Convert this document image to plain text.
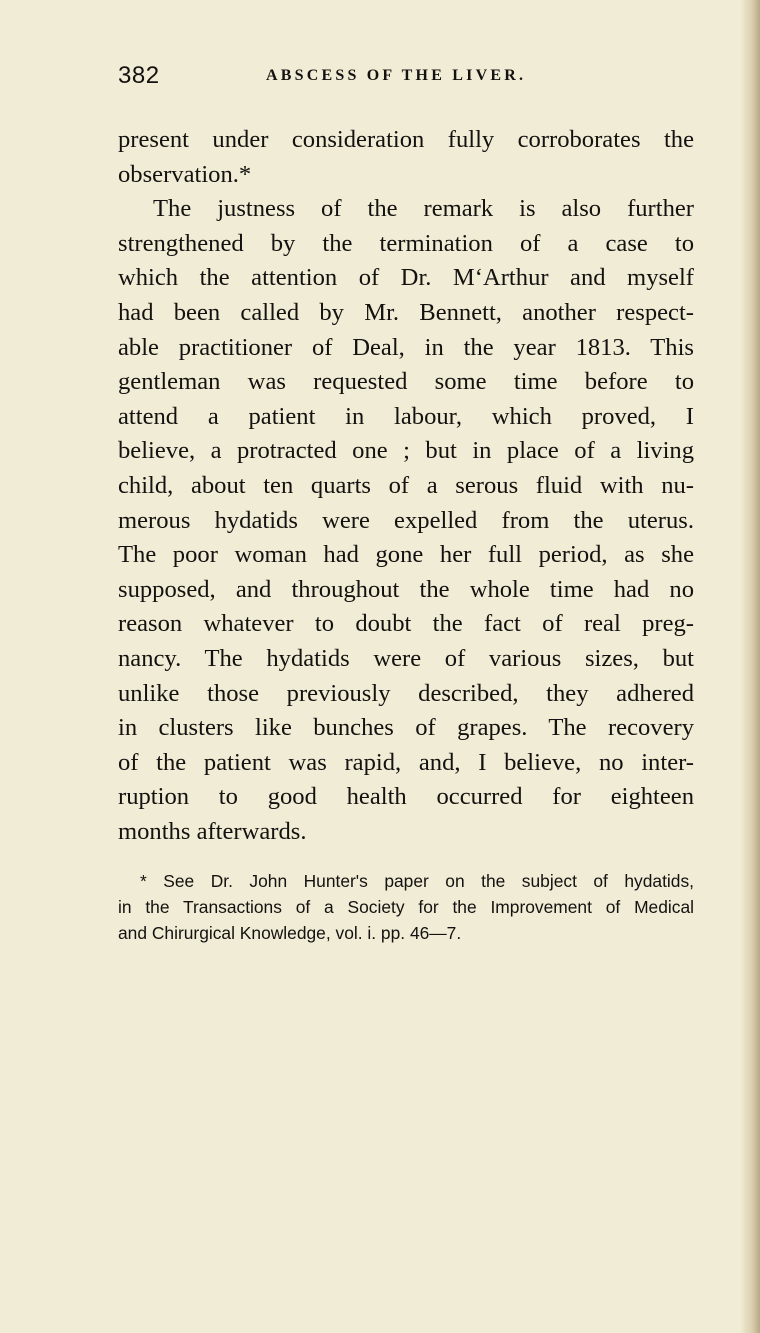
382	ABSCESS OF THE LIVER.
present under consideration fully corroborates the
observation.*
The justness of the remark is also further
strengthened by the termination of a case to
which the attention of Dr. M‘Arthur and myself
had been called by Mr. Bennett, another respect-
able practitioner of Deal, in the year 1813. This
gentleman was requested some time before to
attend a patient in labour, which proved, I
believe, a protracted one ; but in place of a living
child, about ten quarts of a serous fluid with nu-
merous hydatids were expelled from the uterus.
The poor woman had gone her full period, as she
supposed, and throughout the whole time had no
reason whatever to doubt the fact of real preg-
nancy. The hydatids were of various sizes, but
unlike those previously described, they adhered
in clusters like bunches of grapes. The recovery
of the patient was rapid, and, I believe, no inter-
ruption to good health occurred for eighteen
months afterwards.
* See Dr. John Hunter's paper on the subject of hydatids,
in the Transactions of a Society for the Improvement of Medical
and Chirurgical Knowledge, vol. i. pp. 46—7.
